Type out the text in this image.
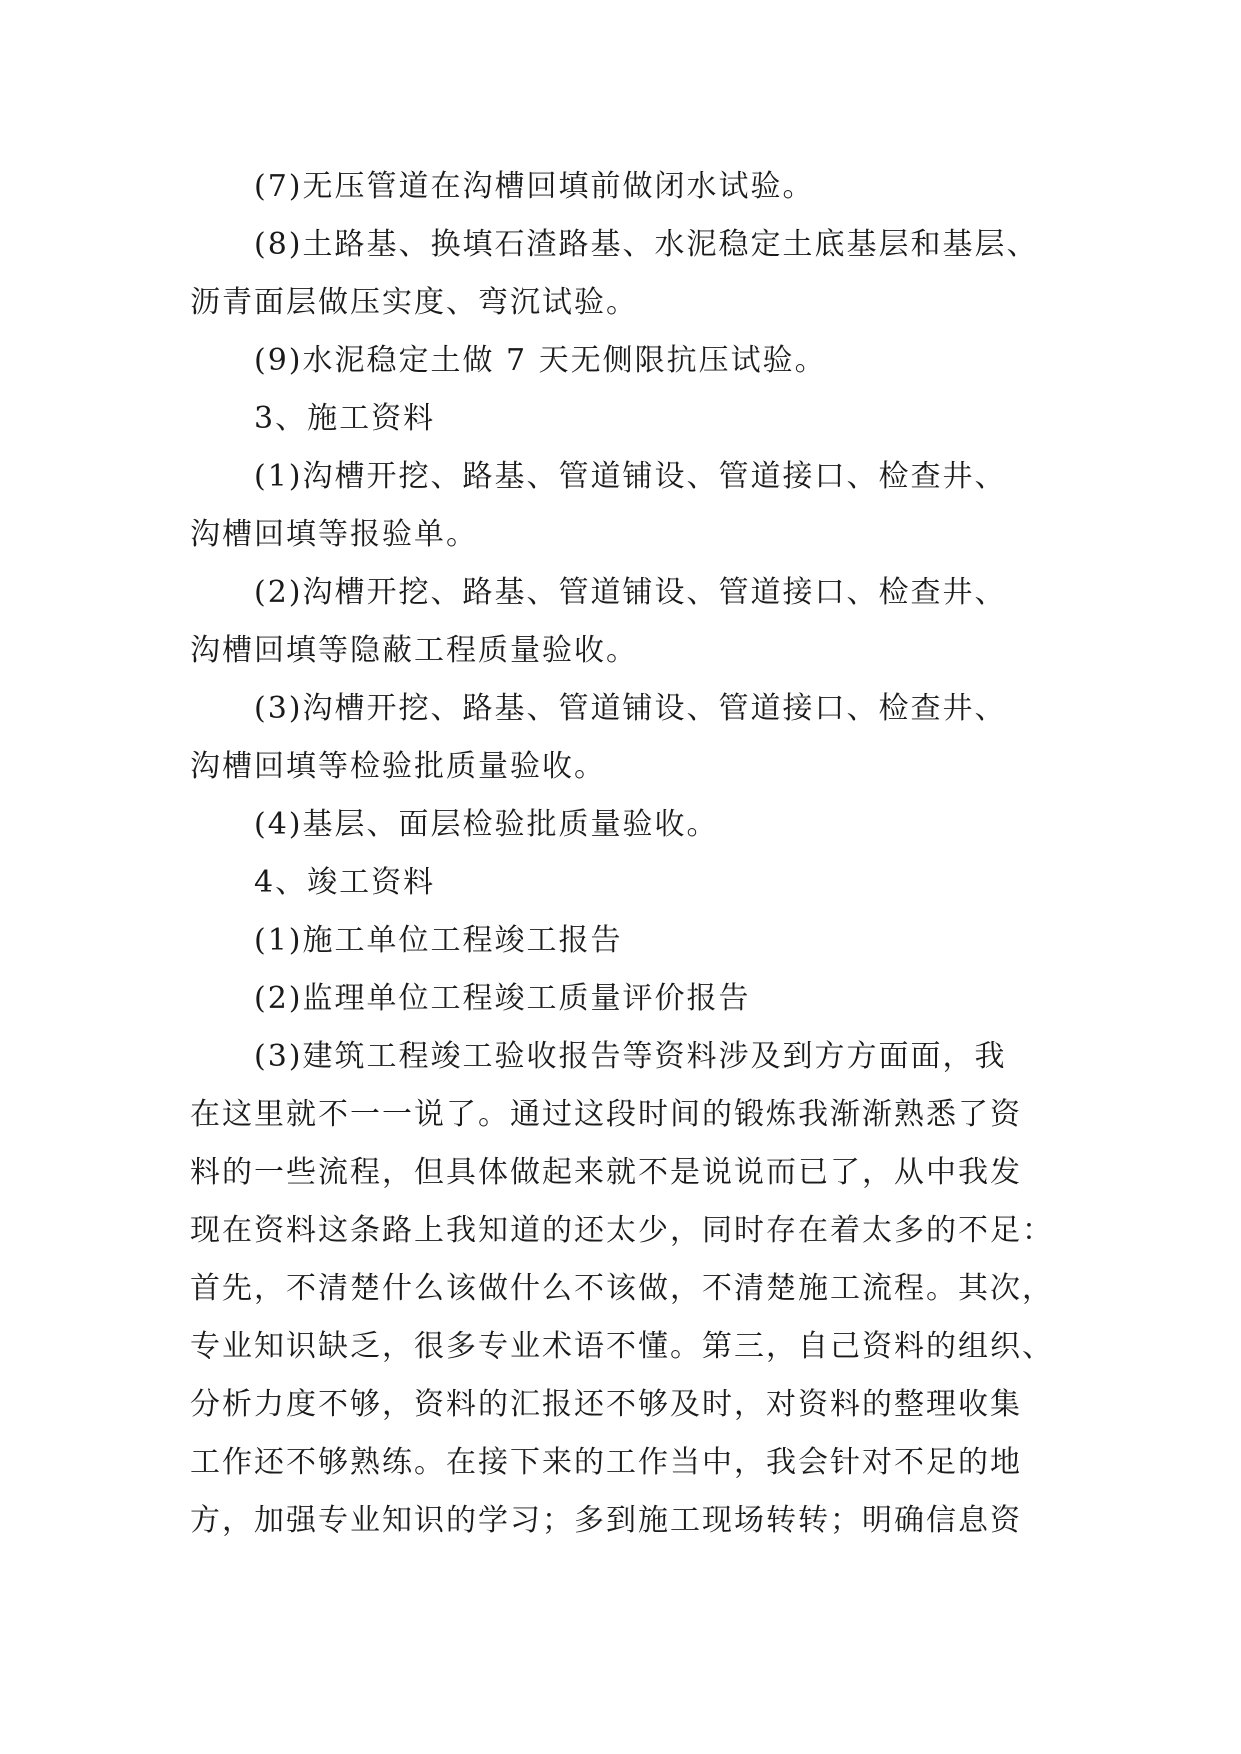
(7)无压管道在沟槽回填前做闭水试验。

(8)土路基、换填石渣路基、水泥稳定土底基层和基层、
沥青面层做压实度、弯沉试验。

(9)水泥稳定土做 7 天无侧限抗压试验。

3、施工资料

(1)沟槽开挖、路基、管道铺设、管道接口、检查井、
沟槽回填等报验单。

(2)沟槽开挖、路基、管道铺设、管道接口、检查井、
沟槽回填等隐蔽工程质量验收。

(3)沟槽开挖、路基、管道铺设、管道接口、检查井、
沟槽回填等检验批质量验收。

(4)基层、面层检验批质量验收。

4、竣工资料

(1)施工单位工程竣工报告

(2)监理单位工程竣工质量评价报告

(3)建筑工程竣工验收报告等资料涉及到方方面面，我
在这里就不一一说了。通过这段时间的锻炼我渐渐熟悉了资
料的一些流程，但具体做起来就不是说说而已了，从中我发
现在资料这条路上我知道的还太少，同时存在着太多的不足：
首先，不清楚什么该做什么不该做，不清楚施工流程。其次，
专业知识缺乏，很多专业术语不懂。第三，自己资料的组织、
分析力度不够，资料的汇报还不够及时，对资料的整理收集
工作还不够熟练。在接下来的工作当中，我会针对不足的地
方，加强专业知识的学习；多到施工现场转转；明确信息资
